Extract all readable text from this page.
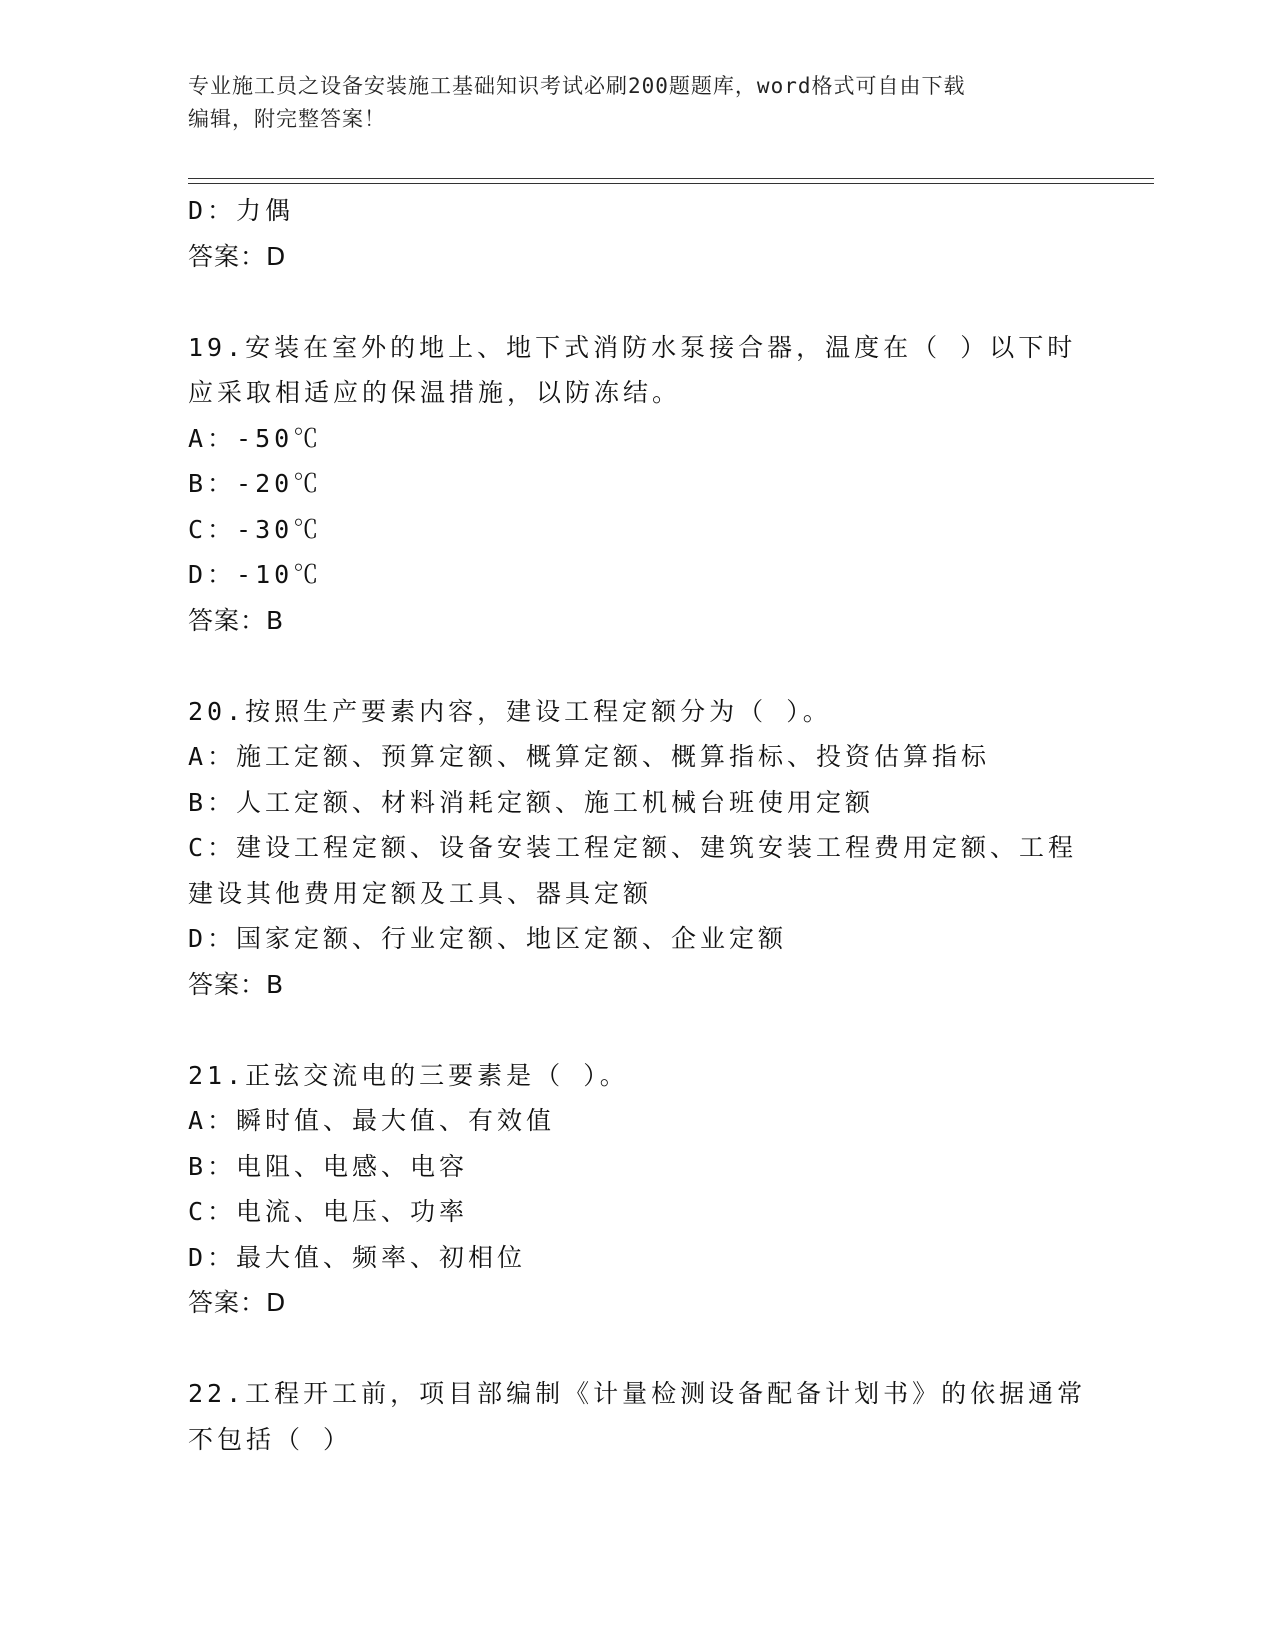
专业施工员之设备安装施工基础知识考试必刷200题题库，word格式可自由下载
编辑，附完整答案！
D：力偶
答案：D
19.安装在室外的地上、地下式消防水泵接合器，温度在（ ）以下时
应采取相适应的保温措施，以防冻结。
A：-50℃
B：-20℃
C：-30℃
D：-10℃
答案：B
20.按照生产要素内容，建设工程定额分为（ ）。
A：施工定额、预算定额、概算定额、概算指标、投资估算指标
B：人工定额、材料消耗定额、施工机械台班使用定额
C：建设工程定额、设备安装工程定额、建筑安装工程费用定额、工程
建设其他费用定额及工具、器具定额
D：国家定额、行业定额、地区定额、企业定额
答案：B
21.正弦交流电的三要素是（ ）。
A：瞬时值、最大值、有效值
B：电阻、电感、电容
C：电流、电压、功率
D：最大值、频率、初相位
答案：D
22.工程开工前，项目部编制《计量检测设备配备计划书》的依据通常
不包括（ ）
